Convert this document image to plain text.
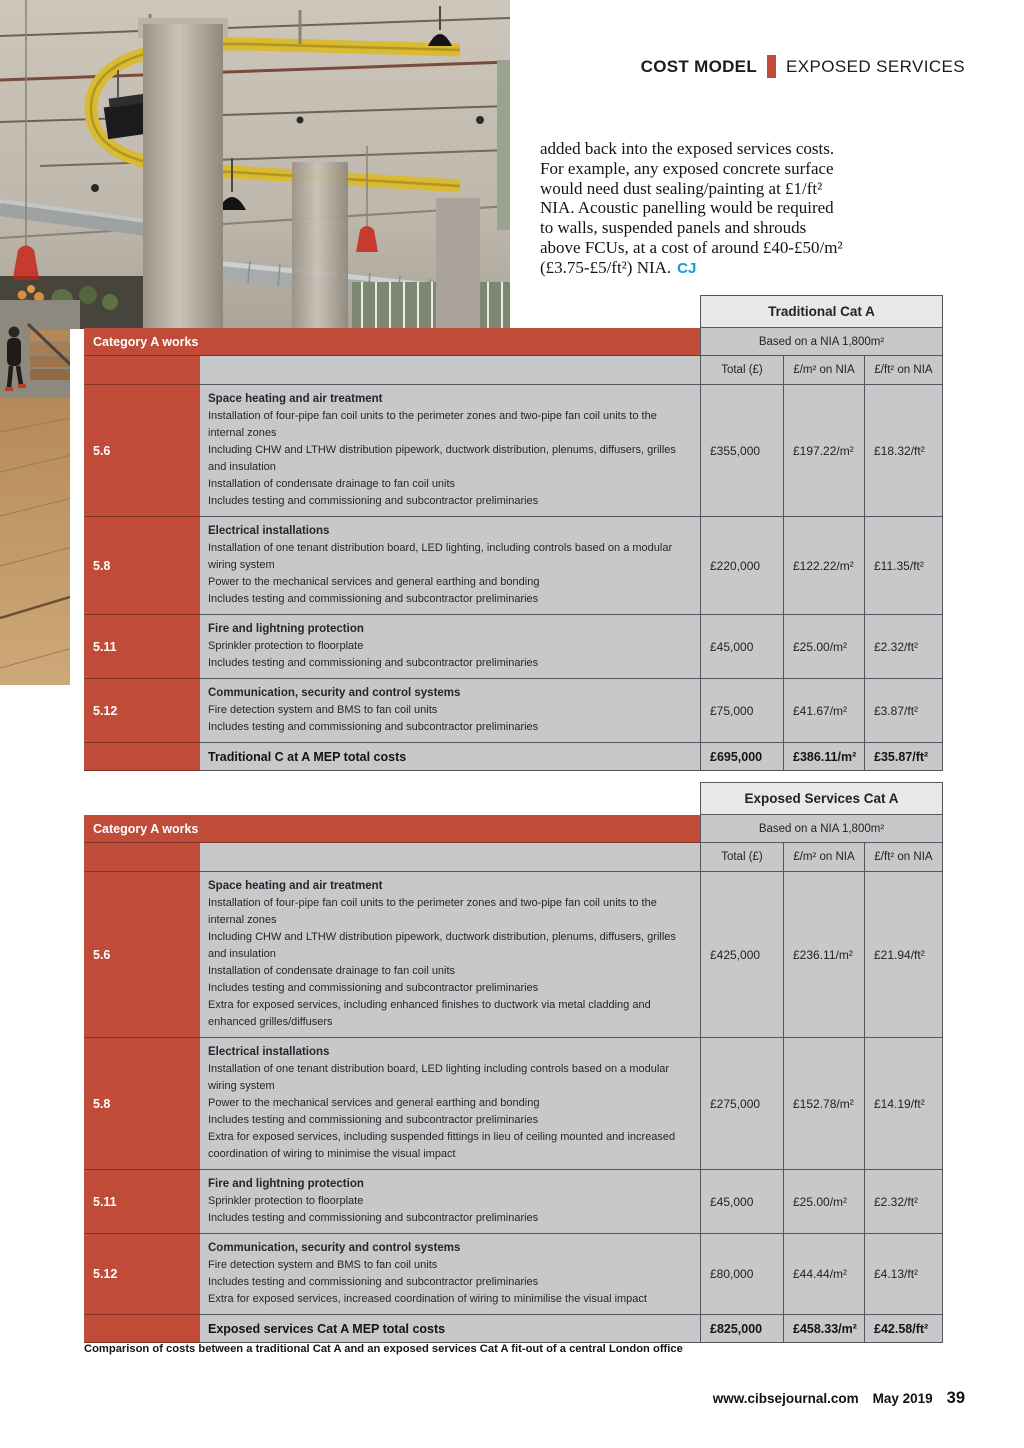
COST MODEL EXPOSED SERVICES
added back into the exposed services costs.
For example, any exposed concrete surface
would need dust sealing/painting at £1/ft²
NIA. Acoustic panelling would be required
to walls, suspended panels and shrouds
above FCUs, at a cost of around £40-£50/m²
(£3.75-£5/ft²) NIA. CJ
Traditional Cat A
Category A works	Based on a NIA 1,800m²
Total (£)	£/m² on NIA	£/ft² on NIA
5.6
Space heating and air treatment
Installation of four-pipe fan coil units to the perimeter zones and two-pipe fan coil units to the internal zones
Including CHW and LTHW distribution pipework, ductwork distribution, plenums, diffusers, grilles and insulation
Installation of condensate drainage to fan coil units
Includes testing and commissioning and subcontractor preliminaries
£355,000	£197.22/m²	£18.32/ft²
5.8
Electrical installations
Installation of one tenant distribution board, LED lighting, including controls based on a modular wiring system
Power to the mechanical services and general earthing and bonding
Includes testing and commissioning and subcontractor preliminaries
£220,000	£122.22/m²	£11.35/ft²
5.11
Fire and lightning protection
Sprinkler protection to floorplate
Includes testing and commissioning and subcontractor preliminaries
£45,000	£25.00/m²	£2.32/ft²
5.12
Communication, security and control systems
Fire detection system and BMS to fan coil units
Includes testing and commissioning and subcontractor preliminaries
£75,000	£41.67/m²	£3.87/ft²
Traditional C at A MEP total costs	£695,000	£386.11/m²	£35.87/ft²
Exposed Services Cat A
Category A works	Based on a NIA 1,800m²
Total (£)	£/m² on NIA	£/ft² on NIA
5.6
Space heating and air treatment
Installation of four-pipe fan coil units to the perimeter zones and two-pipe fan coil units to the internal zones
Including CHW and LTHW distribution pipework, ductwork distribution, plenums, diffusers, grilles and insulation
Installation of condensate drainage to fan coil units
Includes testing and commissioning and subcontractor preliminaries
Extra for exposed services, including enhanced finishes to ductwork via metal cladding and enhanced grilles/diffusers
£425,000	£236.11/m²	£21.94/ft²
5.8
Electrical installations
Installation of one tenant distribution board, LED lighting including controls based on a modular wiring system
Power to the mechanical services and general earthing and bonding
Includes testing and commissioning and subcontractor preliminaries
Extra for exposed services, including suspended fittings in lieu of ceiling mounted and increased coordination of wiring to minimise the visual impact
£275,000	£152.78/m²	£14.19/ft²
5.11
Fire and lightning protection
Sprinkler protection to floorplate
Includes testing and commissioning and subcontractor preliminaries
£45,000	£25.00/m²	£2.32/ft²
5.12
Communication, security and control systems
Fire detection system and BMS to fan coil units
Includes testing and commissioning and subcontractor preliminaries
Extra for exposed services, increased coordination of wiring to minimilise the visual impact
£80,000	£44.44/m²	£4.13/ft²
Exposed services Cat A MEP total costs	£825,000	£458.33/m²	£42.58/ft²
Comparison of costs between a traditional Cat A and an exposed services Cat A fit-out of a central London office
www.cibsejournal.com May 2019 39
